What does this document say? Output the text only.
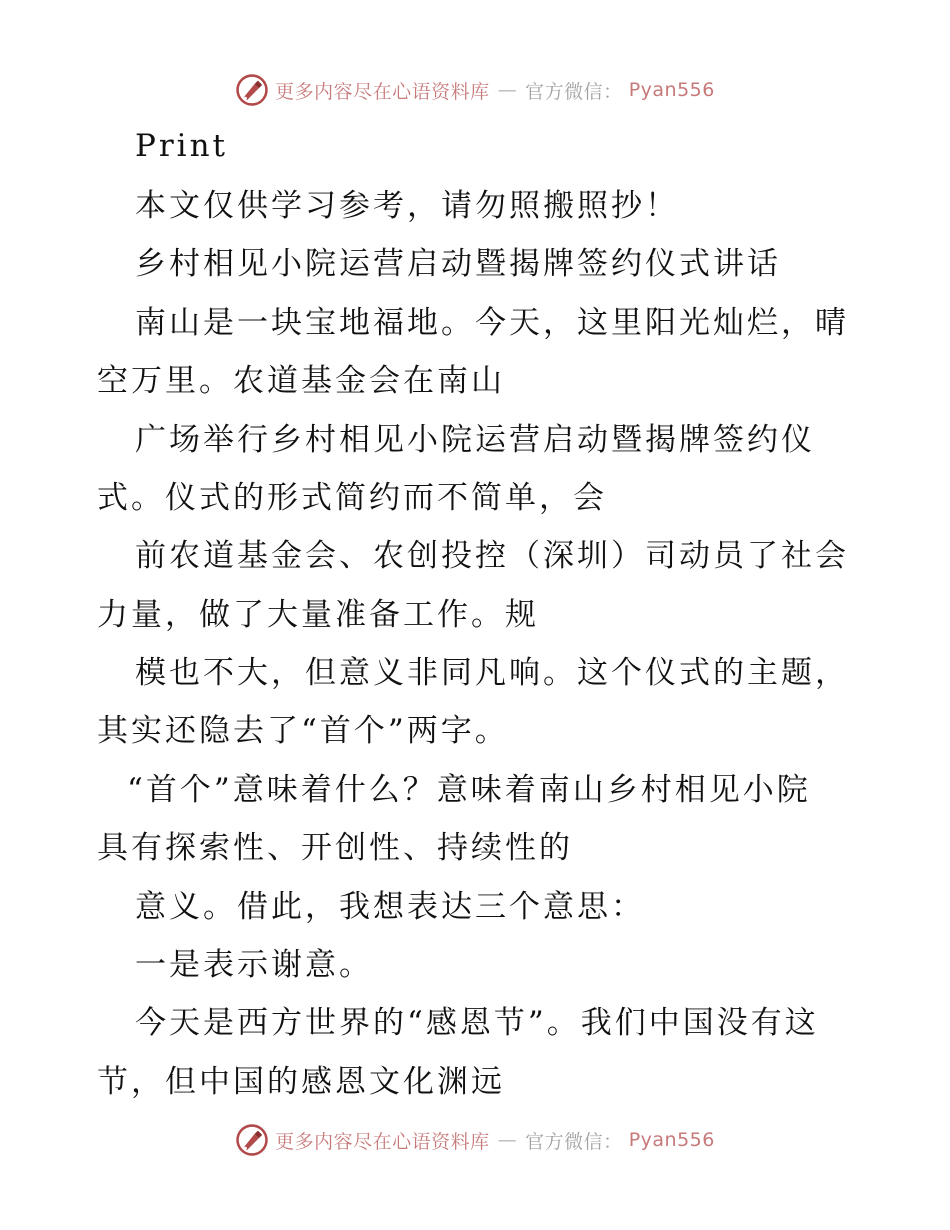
更多内容尽在心语资料库 — 官方微信： Pyan556
Print
本文仅供学习参考，请勿照搬照抄！
乡村相见小院运营启动暨揭牌签约仪式讲话
南山是一块宝地福地。今天，这里阳光灿烂，晴
空万里。农道基金会在南山
广场举行乡村相见小院运营启动暨揭牌签约仪
式。仪式的形式简约而不简单，会
前农道基金会、农创投控（深圳）司动员了社会
力量，做了大量准备工作。规
模也不大，但意义非同凡响。这个仪式的主题，
其实还隐去了“首个”两字。
“首个”意味着什么？意味着南山乡村相见小院
具有探索性、开创性、持续性的
意义。借此，我想表达三个意思：
一是表示谢意。
今天是西方世界的“感恩节”。我们中国没有这
节，但中国的感恩文化渊远
更多内容尽在心语资料库 — 官方微信： Pyan556
